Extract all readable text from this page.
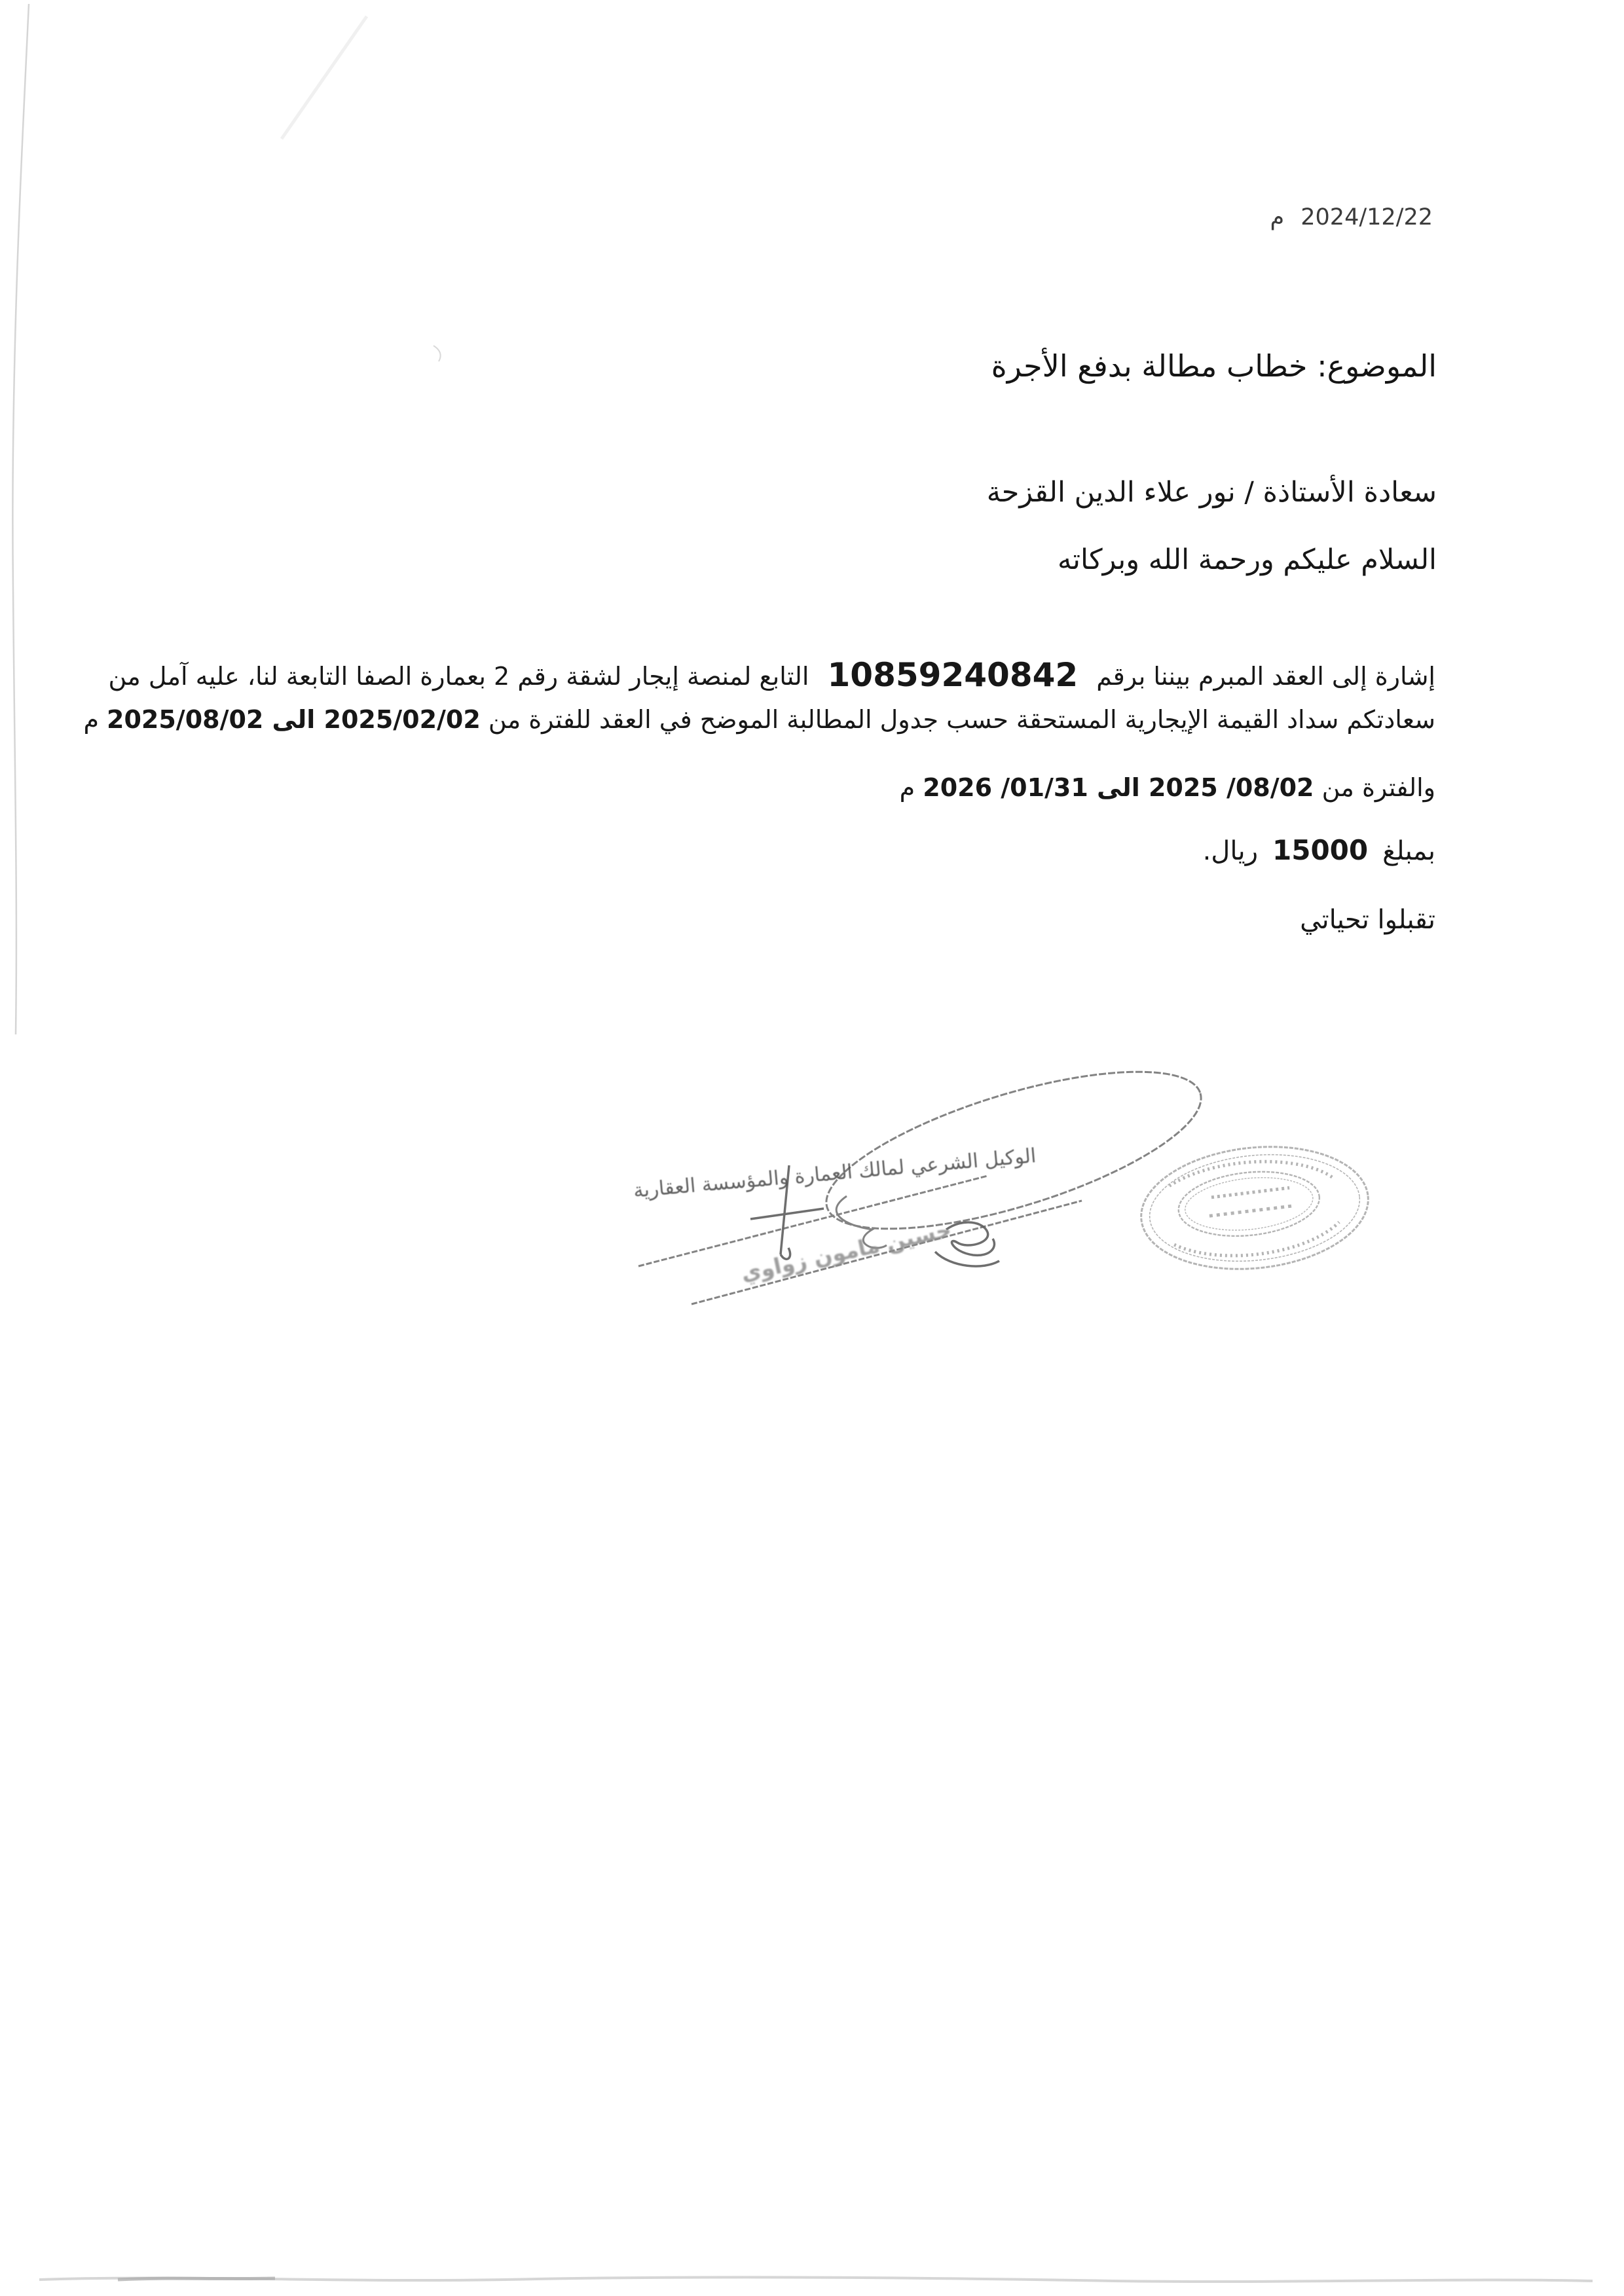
2024/12/22 م
الموضوع: خطاب مطالة بدفع الأجرة
سعادة الأستاذة / نور علاء الدين القزحة
السلام عليكم ورحمة الله وبركاته
إشارة إلى العقد المبرم بيننا برقم 10859240842 التابع لمنصة إيجار لشقة رقم 2 بعمارة الصفا التابعة لنا، عليه آمل من
سعادتكم سداد القيمة الإيجارية المستحقة حسب جدول المطالبة الموضح في العقد للفترة من 2025/02/02 الى 2025/08/02 م
والفترة من 08/02/ 2025 الى 01/31/ 2026 م
بمبلغ15000ريال.
تقبلوا تحياتي
الوكيل الشرعي لمالك العمارة والمؤسسة العقارية
حسين مامون زواوي
